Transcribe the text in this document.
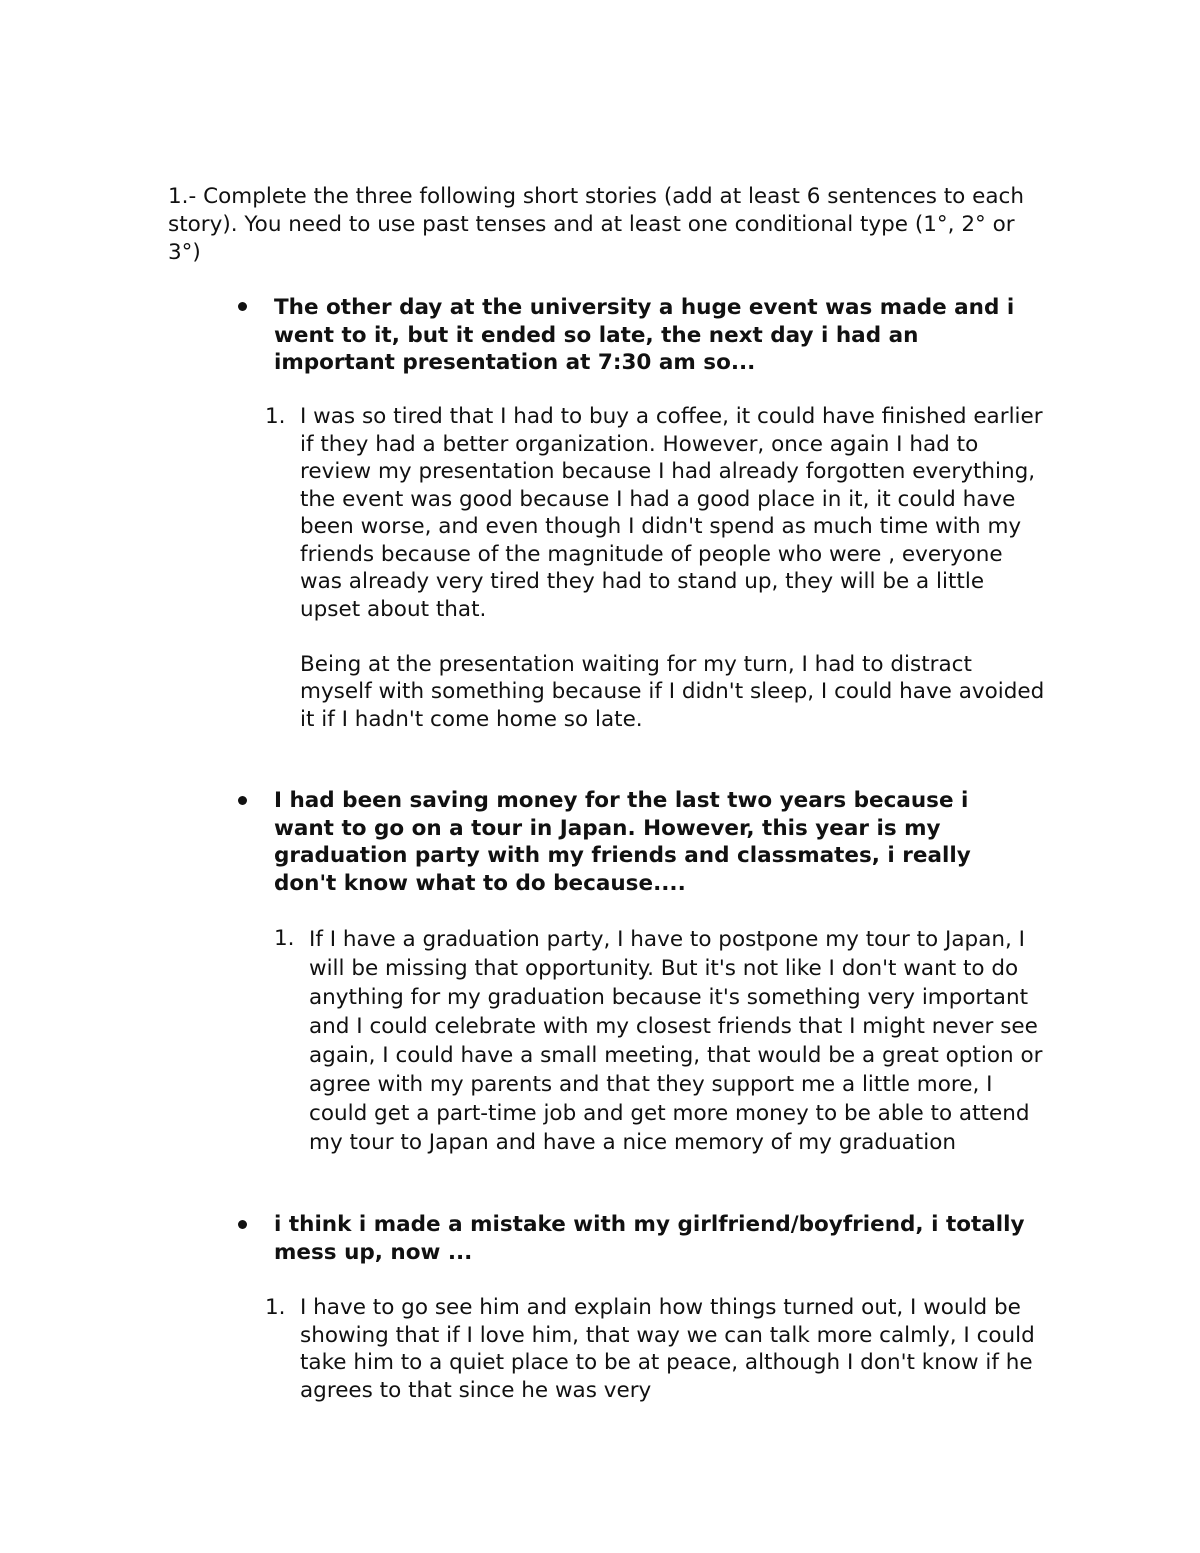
1.- Complete the three following short stories (add at least 6 sentences to each story). You need to use past tenses and at least one conditional type (1°, 2° or 3°)
The other day at the university a huge event was made and i went to it, but it ended so late, the next day i had an important presentation at 7:30 am so...
1. I was so tired that I had to buy a coffee, it could have finished earlier if they had a better organization. However, once again I had to review my presentation because I had already forgotten everything, the event was good because I had a good place in it, it could have been worse, and even though I didn't spend as much time with my friends because of the magnitude of people who were , everyone was already very tired they had to stand up, they will be a little upset about that.

Being at the presentation waiting for my turn, I had to distract myself with something because if I didn't sleep, I could have avoided it if I hadn't come home so late.

I had been saving money for the last two years because i want to go on a tour in Japan. However, this year is my graduation party with my friends and classmates, i really don't know what to do because....
1. If I have a graduation party, I have to postpone my tour to Japan, I will be missing that opportunity. But it's not like I don't want to do anything for my graduation because it's something very important and I could celebrate with my closest friends that I might never see again, I could have a small meeting, that would be a great option or agree with my parents and that they support me a little more, I could get a part-time job and get more money to be able to attend my tour to Japan and have a nice memory of my graduation

i think i made a mistake with my girlfriend/boyfriend, i totally mess up, now ...
1. I have to go see him and explain how things turned out, I would be showing that if I love him, that way we can talk more calmly, I could take him to a quiet place to be at peace, although I don't know if he agrees to that since he was very
